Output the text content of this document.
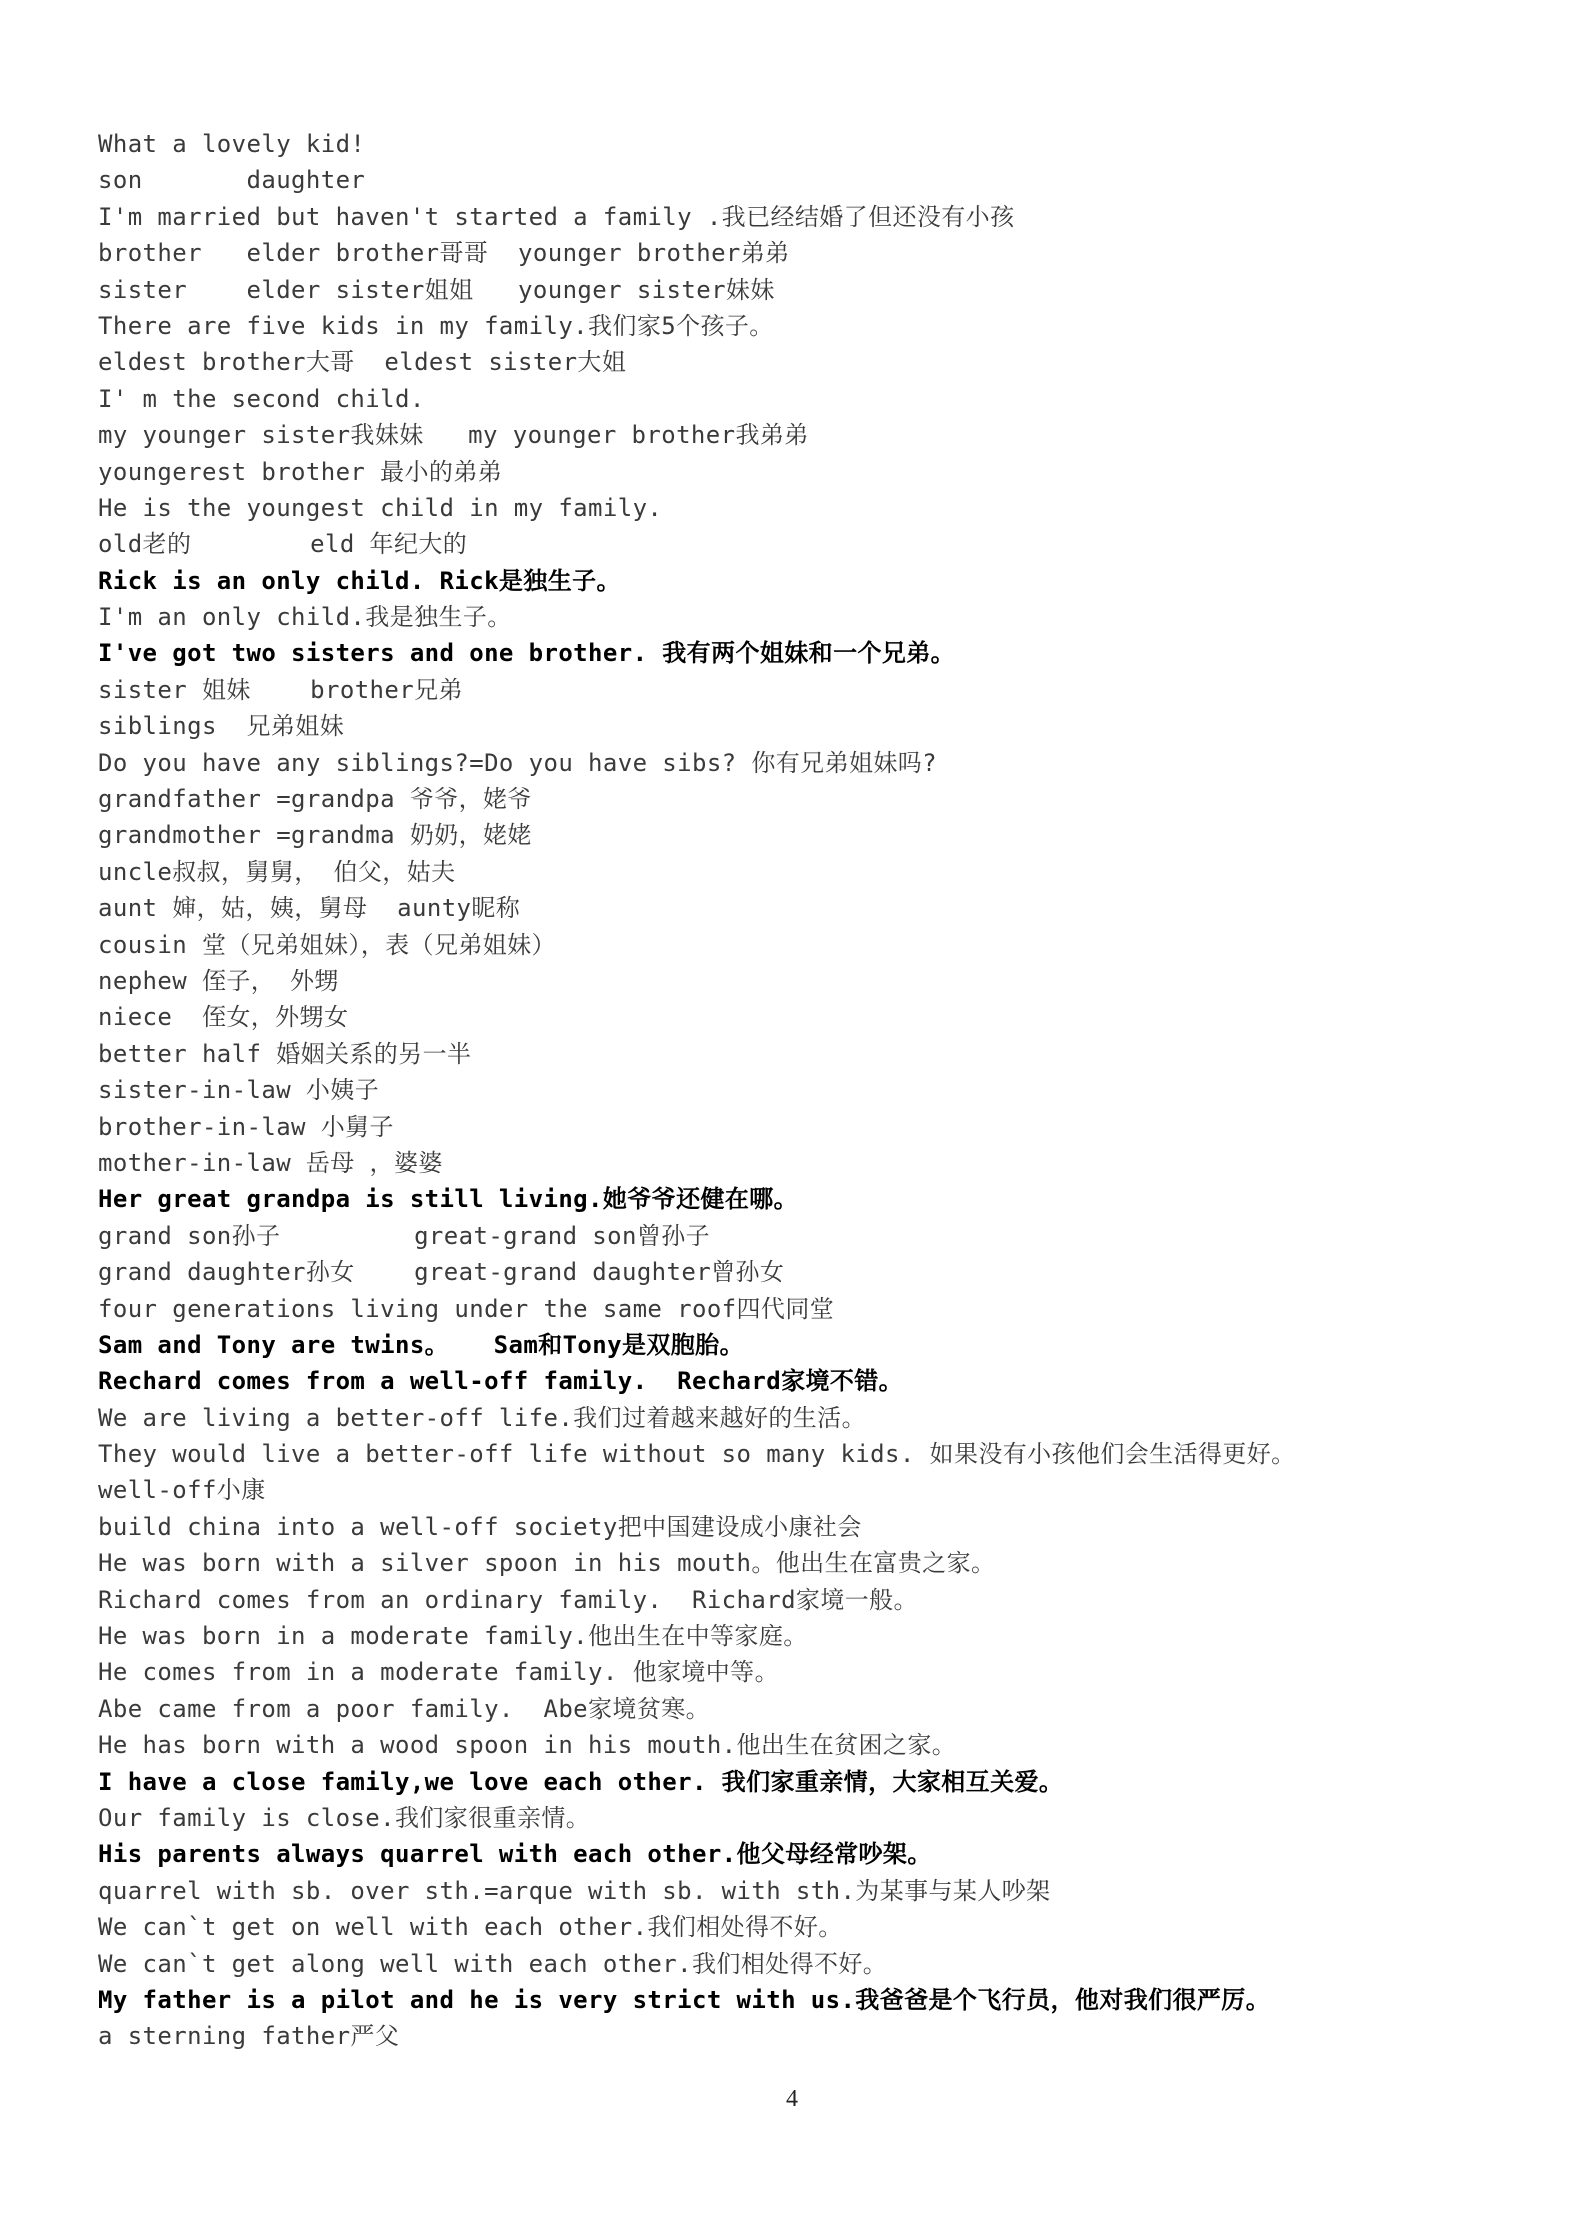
What a lovely kid!
son       daughter
I'm married but haven't started a family .我已经结婚了但还没有小孩
brother   elder brother哥哥  younger brother弟弟
sister    elder sister姐姐   younger sister妹妹
There are five kids in my family.我们家5个孩子。
eldest brother大哥  eldest sister大姐
I' m the second child.
my younger sister我妹妹   my younger brother我弟弟
youngerest brother 最小的弟弟
He is the youngest child in my family.
old老的        eld 年纪大的
Rick is an only child. Rick是独生子。
I'm an only child.我是独生子。
I've got two sisters and one brother. 我有两个姐妹和一个兄弟。
sister 姐妹    brother兄弟
siblings  兄弟姐妹
Do you have any siblings?=Do you have sibs? 你有兄弟姐妹吗?
grandfather =grandpa 爷爷，姥爷
grandmother =grandma 奶奶，姥姥
uncle叔叔，舅舅， 伯父，姑夫
aunt 婶，姑，姨，舅母  aunty昵称
cousin 堂（兄弟姐妹），表（兄弟姐妹）
nephew 侄子， 外甥
niece  侄女，外甥女
better half 婚姻关系的另一半
sister-in-law 小姨子
brother-in-law 小舅子
mother-in-law 岳母 ，婆婆
Her great grandpa is still living.她爷爷还健在哪。
grand son孙子         great-grand son曾孙子
grand daughter孙女    great-grand daughter曾孙女
four generations living under the same roof四代同堂
Sam and Tony are twins。   Sam和Tony是双胞胎。
Rechard comes from a well-off family.  Rechard家境不错。
We are living a better-off life.我们过着越来越好的生活。
They would live a better-off life without so many kids. 如果没有小孩他们会生活得更好。
well-off小康
build china into a well-off society把中国建设成小康社会
He was born with a silver spoon in his mouth。他出生在富贵之家。
Richard comes from an ordinary family.  Richard家境一般。
He was born in a moderate family.他出生在中等家庭。
He comes from in a moderate family. 他家境中等。
Abe came from a poor family.  Abe家境贫寒。
He has born with a wood spoon in his mouth.他出生在贫困之家。
I have a close family,we love each other. 我们家重亲情，大家相互关爱。
Our family is close.我们家很重亲情。
His parents always quarrel with each other.他父母经常吵架。
quarrel with sb. over sth.=arque with sb. with sth.为某事与某人吵架
We can`t get on well with each other.我们相处得不好。
We can`t get along well with each other.我们相处得不好。
My father is a pilot and he is very strict with us.我爸爸是个飞行员，他对我们很严厉。
a sterning father严父
4
